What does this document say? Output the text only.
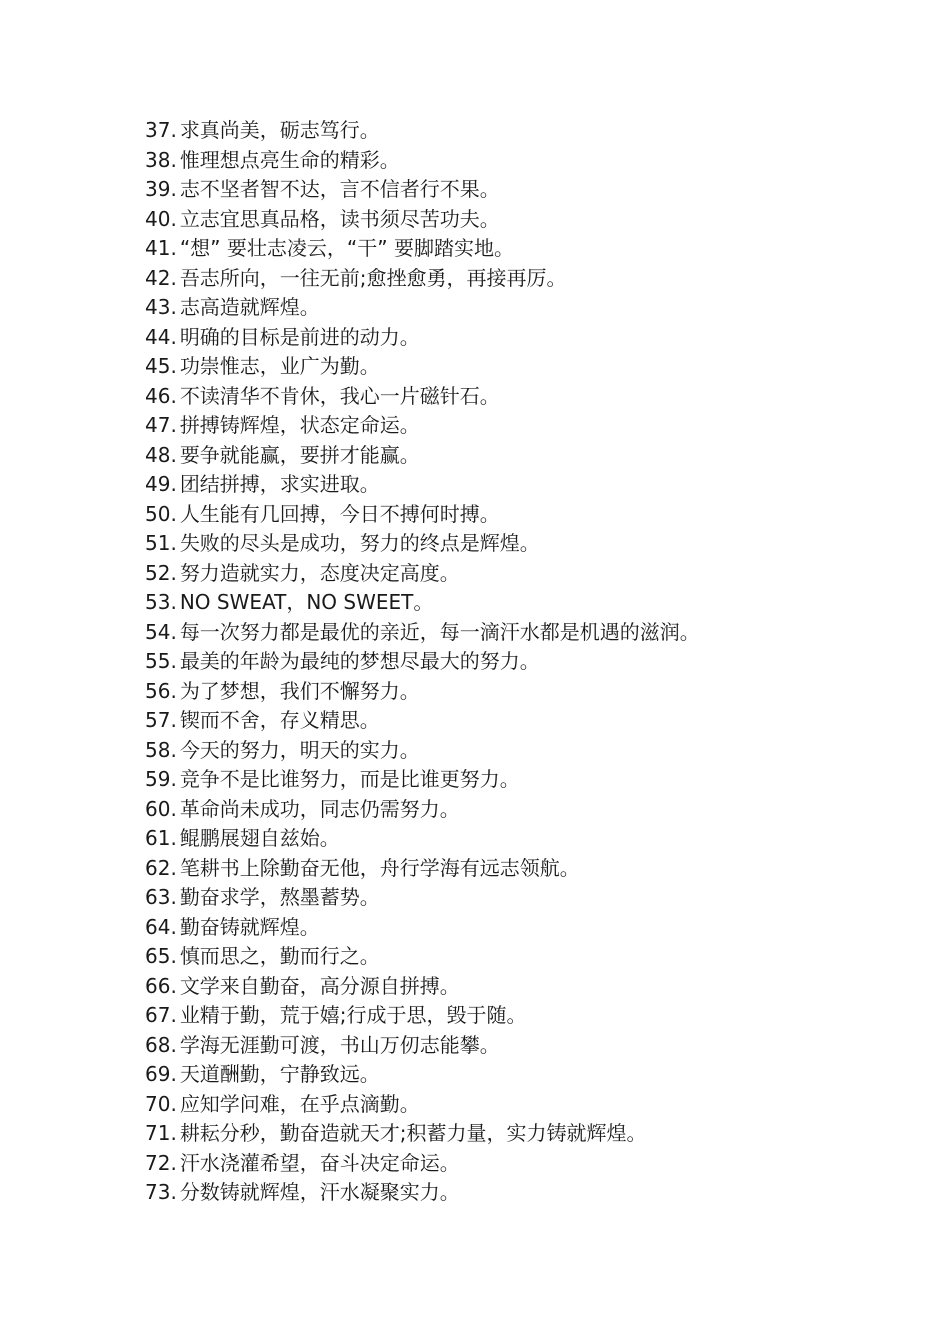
37. 求真尚美，砺志笃行。
38. 惟理想点亮生命的精彩。
39. 志不坚者智不达，言不信者行不果。
40. 立志宜思真品格，读书须尽苦功夫。
41. “想” 要壮志凌云，“干” 要脚踏实地。
42. 吾志所向，一往无前;愈挫愈勇，再接再厉。
43. 志高造就辉煌。
44. 明确的目标是前进的动力。
45. 功崇惟志，业广为勤。
46. 不读清华不肯休，我心一片磁针石。
47. 拼搏铸辉煌，状态定命运。
48. 要争就能赢，要拼才能赢。
49. 团结拼搏，求实进取。
50. 人生能有几回搏，今日不搏何时搏。
51. 失败的尽头是成功，努力的终点是辉煌。
52. 努力造就实力，态度决定高度。
53. NO SWEAT，NO SWEET。
54. 每一次努力都是最优的亲近，每一滴汗水都是机遇的滋润。
55. 最美的年龄为最纯的梦想尽最大的努力。
56. 为了梦想，我们不懈努力。
57. 锲而不舍，存义精思。
58. 今天的努力，明天的实力。
59. 竞争不是比谁努力，而是比谁更努力。
60. 革命尚未成功，同志仍需努力。
61. 鲲鹏展翅自兹始。
62. 笔耕书上除勤奋无他，舟行学海有远志领航。
63. 勤奋求学，熬墨蓄势。
64. 勤奋铸就辉煌。
65. 慎而思之，勤而行之。
66. 文学来自勤奋，高分源自拼搏。
67. 业精于勤，荒于嬉;行成于思，毁于随。
68. 学海无涯勤可渡，书山万仞志能攀。
69. 天道酬勤，宁静致远。
70. 应知学问难，在乎点滴勤。
71. 耕耘分秒，勤奋造就天才;积蓄力量，实力铸就辉煌。
72. 汗水浇灌希望，奋斗决定命运。
73. 分数铸就辉煌，汗水凝聚实力。
